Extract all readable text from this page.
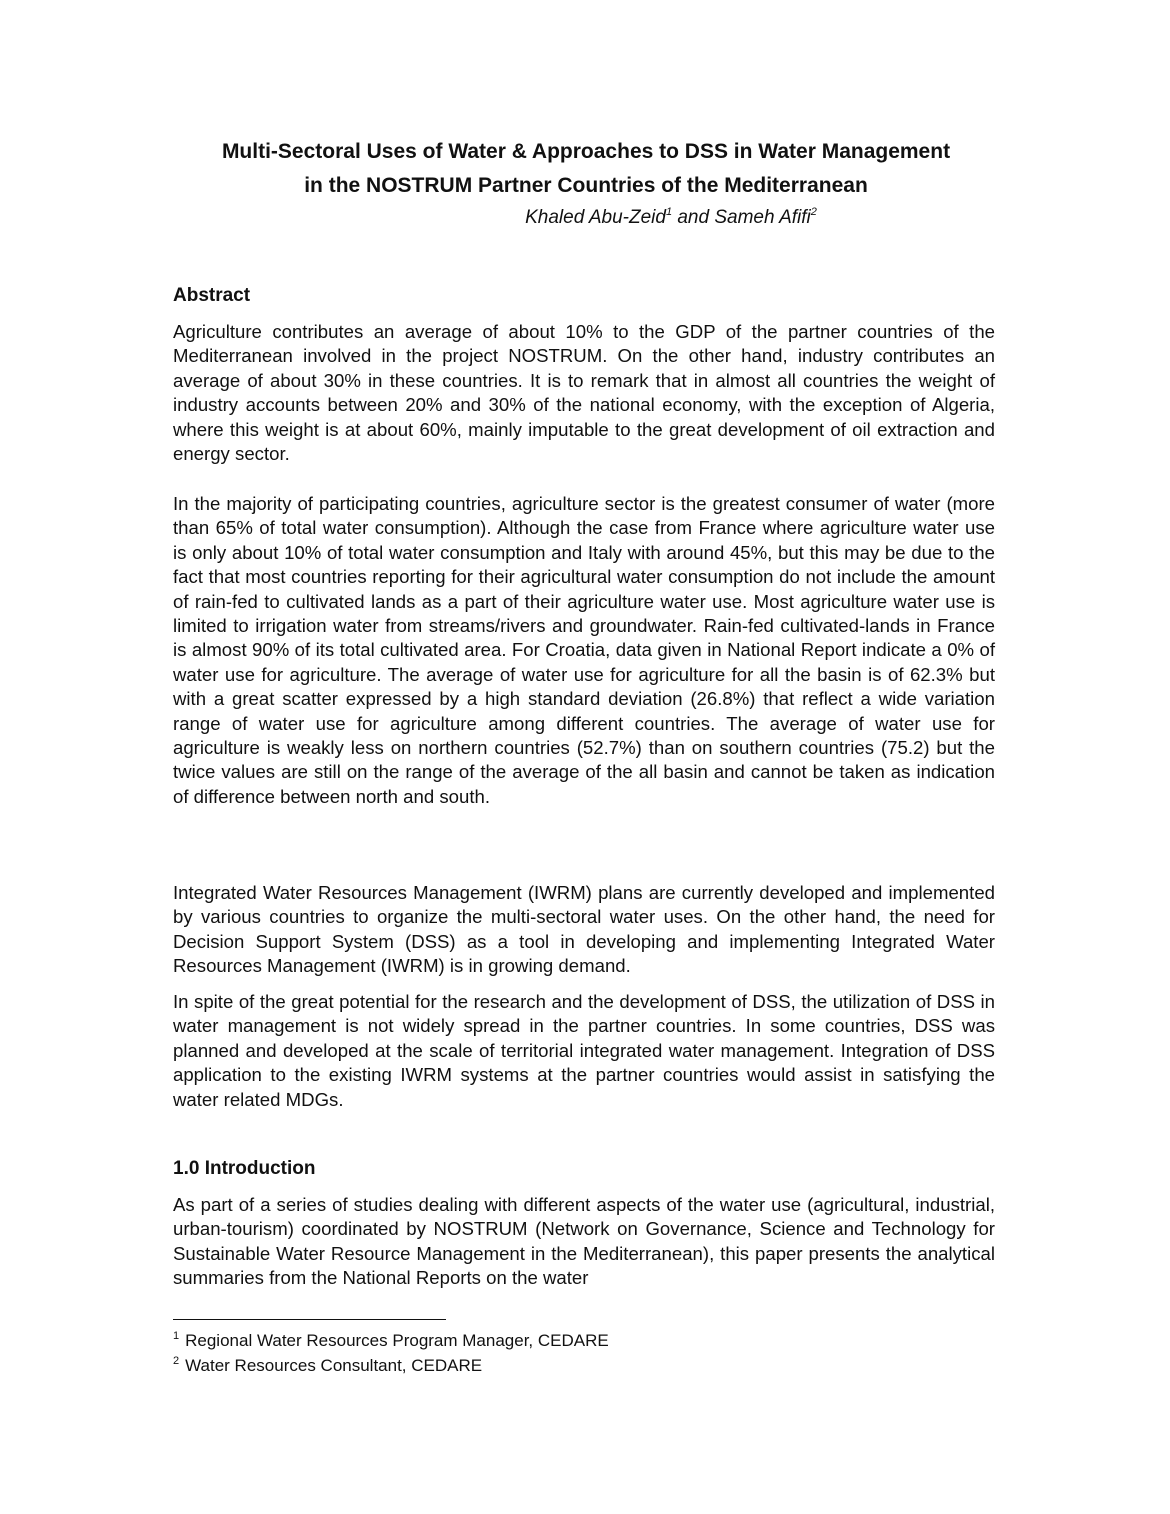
Multi-Sectoral Uses of Water & Approaches to DSS in Water Management

in the NOSTRUM Partner Countries of the Mediterranean

Khaled Abu-Zeid$^1$ and Sameh Afifi$^2$

Abstract

Agriculture contributes an average of about 10% to the GDP of the partner countries of the Mediterranean involved in the project NOSTRUM. On the other hand, industry contributes an average of about 30% in these countries. It is to remark that in almost all countries the weight of industry accounts between 20% and 30% of the national economy, with the exception of Algeria, where this weight is at about 60%, mainly imputable to the great development of oil extraction and energy sector.

In the majority of participating countries, agriculture sector is the greatest consumer of water (more than 65% of total water consumption). Although the case from France where agriculture water use is only about 10% of total water consumption and Italy with around 45%, but this may be due to the fact that most countries reporting for their agricultural water consumption do not include the amount of rain-fed to cultivated lands as a part of their agriculture water use. Most agriculture water use is limited to irrigation water from streams/rivers and groundwater. Rain-fed cultivated-lands in France is almost 90% of its total cultivated area. For Croatia, data given in National Report indicate a 0% of water use for agriculture. The average of water use for agriculture for all the basin is of 62.3% but with a great scatter expressed by a high standard deviation (26.8%) that reflect a wide variation range of water use for agriculture among different countries. The average of water use for agriculture is weakly less on northern countries (52.7%) than on southern countries (75.2) but the twice values are still on the range of the average of the all basin and cannot be taken as indication of difference between north and south.

Integrated Water Resources Management (IWRM) plans are currently developed and implemented by various countries to organize the multi-sectoral water uses. On the other hand, the need for Decision Support System (DSS) as a tool in developing and implementing Integrated Water Resources Management (IWRM) is in growing demand.

In spite of the great potential for the research and the development of DSS, the utilization of DSS in water management is not widely spread in the partner countries. In some countries, DSS was planned and developed at the scale of territorial integrated water management. Integration of DSS application to the existing IWRM systems at the partner countries would assist in satisfying the water related MDGs.

1.0 Introduction

As part of a series of studies dealing with different aspects of the water use (agricultural, industrial, urban-tourism) coordinated by NOSTRUM (Network on Governance, Science and Technology for Sustainable Water Resource Management in the Mediterranean), this paper presents the analytical summaries from the National Reports on the water

$^1$ Regional Water Resources Program Manager, CEDARE

$^2$ Water Resources Consultant, CEDARE
